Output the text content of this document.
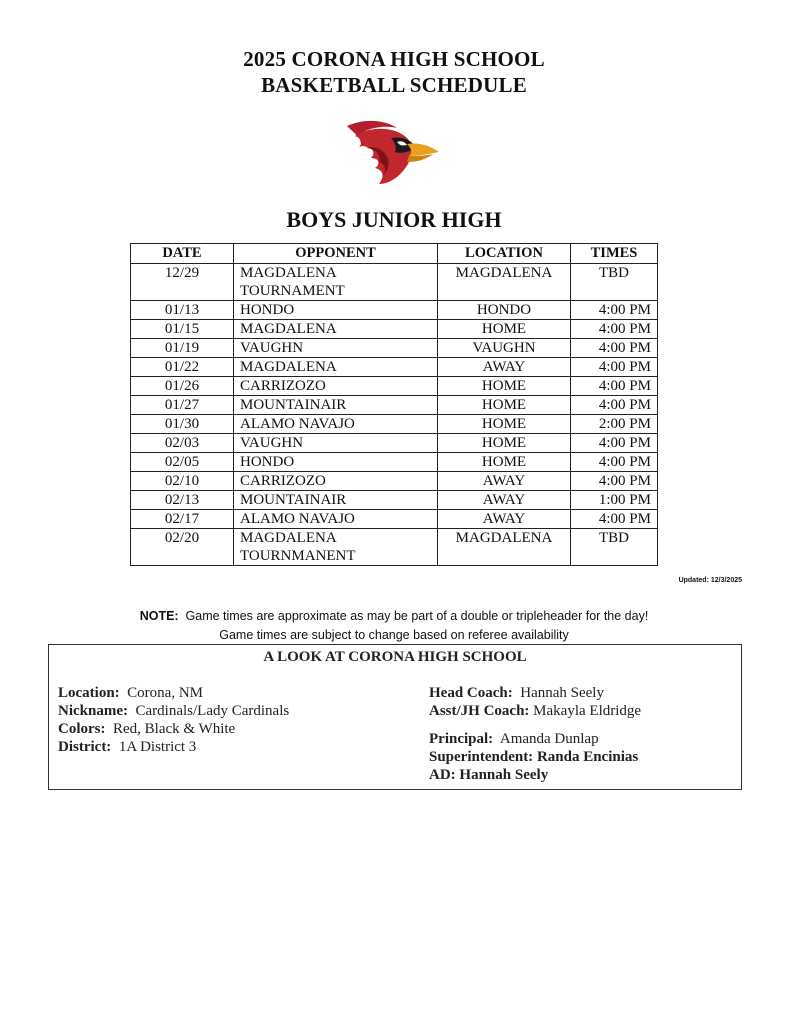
2025 CORONA HIGH SCHOOL
BASKETBALL SCHEDULE
BOYS JUNIOR HIGH
DATE	OPPONENT	LOCATION	TIMES
12/29	MAGDALENA TOURNAMENT	MAGDALENA	TBD
01/13	HONDO	HONDO	4:00 PM
01/15	MAGDALENA	HOME	4:00 PM
01/19	VAUGHN	VAUGHN	4:00 PM
01/22	MAGDALENA	AWAY	4:00 PM
01/26	CARRIZOZO	HOME	4:00 PM
01/27	MOUNTAINAIR	HOME	4:00 PM
01/30	ALAMO NAVAJO	HOME	2:00 PM
02/03	VAUGHN	HOME	4:00 PM
02/05	HONDO	HOME	4:00 PM
02/10	CARRIZOZO	AWAY	4:00 PM
02/13	MOUNTAINAIR	AWAY	1:00 PM
02/17	ALAMO NAVAJO	AWAY	4:00 PM
02/20	MAGDALENA TOURNMANENT	MAGDALENA	TBD
Updated: 12/3/2025
NOTE: Game times are approximate as may be part of a double or tripleheader for the day!
Game times are subject to change based on referee availability
A LOOK AT CORONA HIGH SCHOOL
Location: Corona, NM
Nickname: Cardinals/Lady Cardinals
Colors: Red, Black & White
District: 1A District 3
Head Coach: Hannah Seely
Asst/JH Coach: Makayla Eldridge
Principal: Amanda Dunlap
Superintendent: Randa Encinias
AD: Hannah Seely
